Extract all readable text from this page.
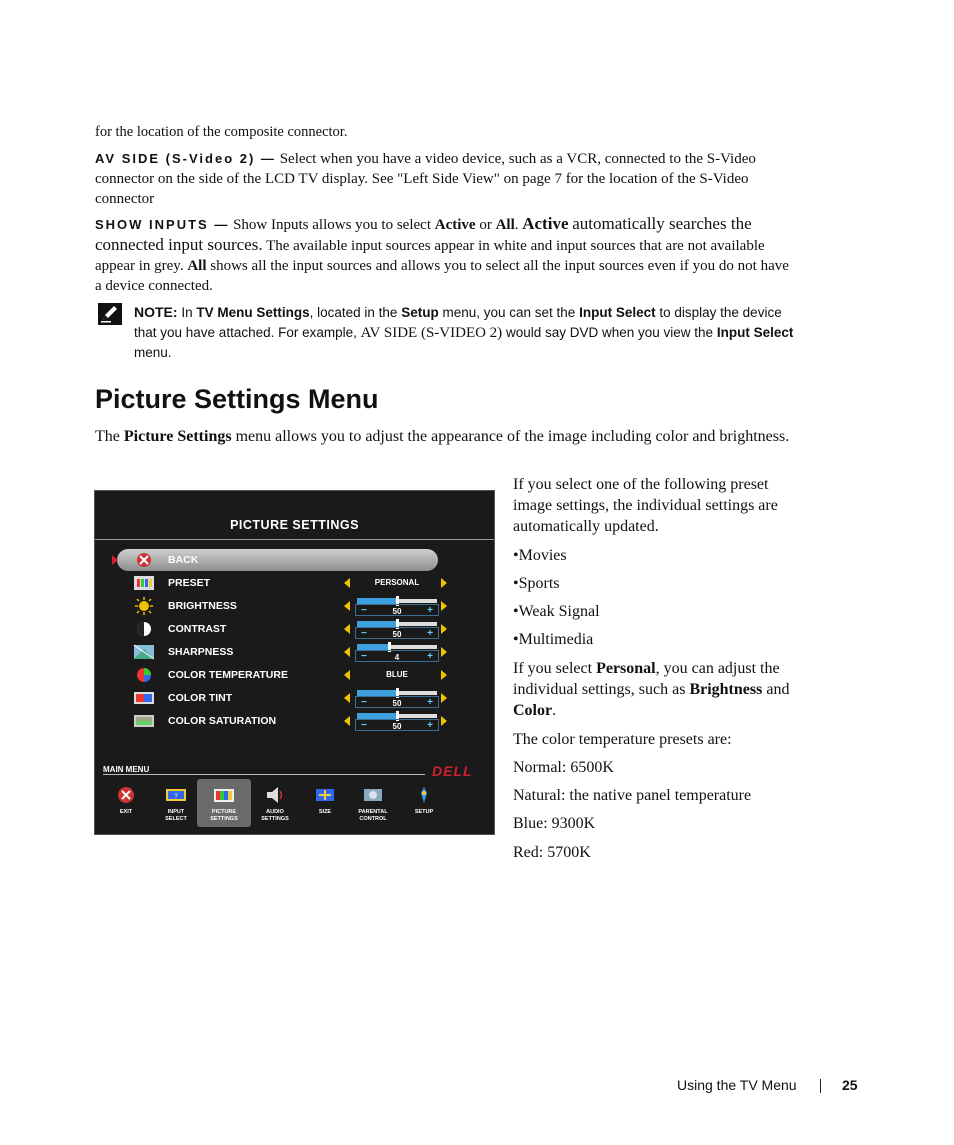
for the location of the composite connector.
AV SIDE (S-Video 2) — Select when you have a video device, such as a VCR, connected to the S-Video connector on the side of the LCD TV display. See "Left Side View" on page 7 for the location of the S-Video connector
SHOW INPUTS — Show Inputs allows you to select Active or All. Active automatically searches the connected input sources. The available input sources appear in white and input sources that are not available appear in grey. All shows all the input sources and allows you to select all the input sources even if you do not have a device connected.
NOTE: In TV Menu Settings, located in the Setup menu, you can set the Input Select to display the device that you have attached. For example, AV SIDE (S-VIDEO 2) would say DVD when you view the Input Select menu.
Picture Settings Menu
The Picture Settings menu allows you to adjust the appearance of the image including color and brightness.
PICTURE SETTINGS
BACK
PRESET	PERSONAL
BRIGHTNESS	−	50	+
CONTRAST	−	50	+
SHARPNESS	−	4	+
COLOR TEMPERATURE	BLUE
COLOR TINT	−	50	+
COLOR SATURATION	−	50	+
MAIN MENU	DELL
EXIT

?
INPUT
SELECT
PICTURE
SETTINGS
AUDIO
SETTINGS
SIZE	PARENTAL
CONTROL
SETUP

If you select one of the following preset image settings, the individual settings are automatically updated.
•Movies
•Sports
•Weak Signal
•Multimedia
If you select Personal, you can adjust the individual settings, such as Brightness and Color.
The color temperature presets are:
Normal: 6500K
Natural: the native panel temperature
Blue: 9300K
Red: 5700K
Using the TV Menu	25
